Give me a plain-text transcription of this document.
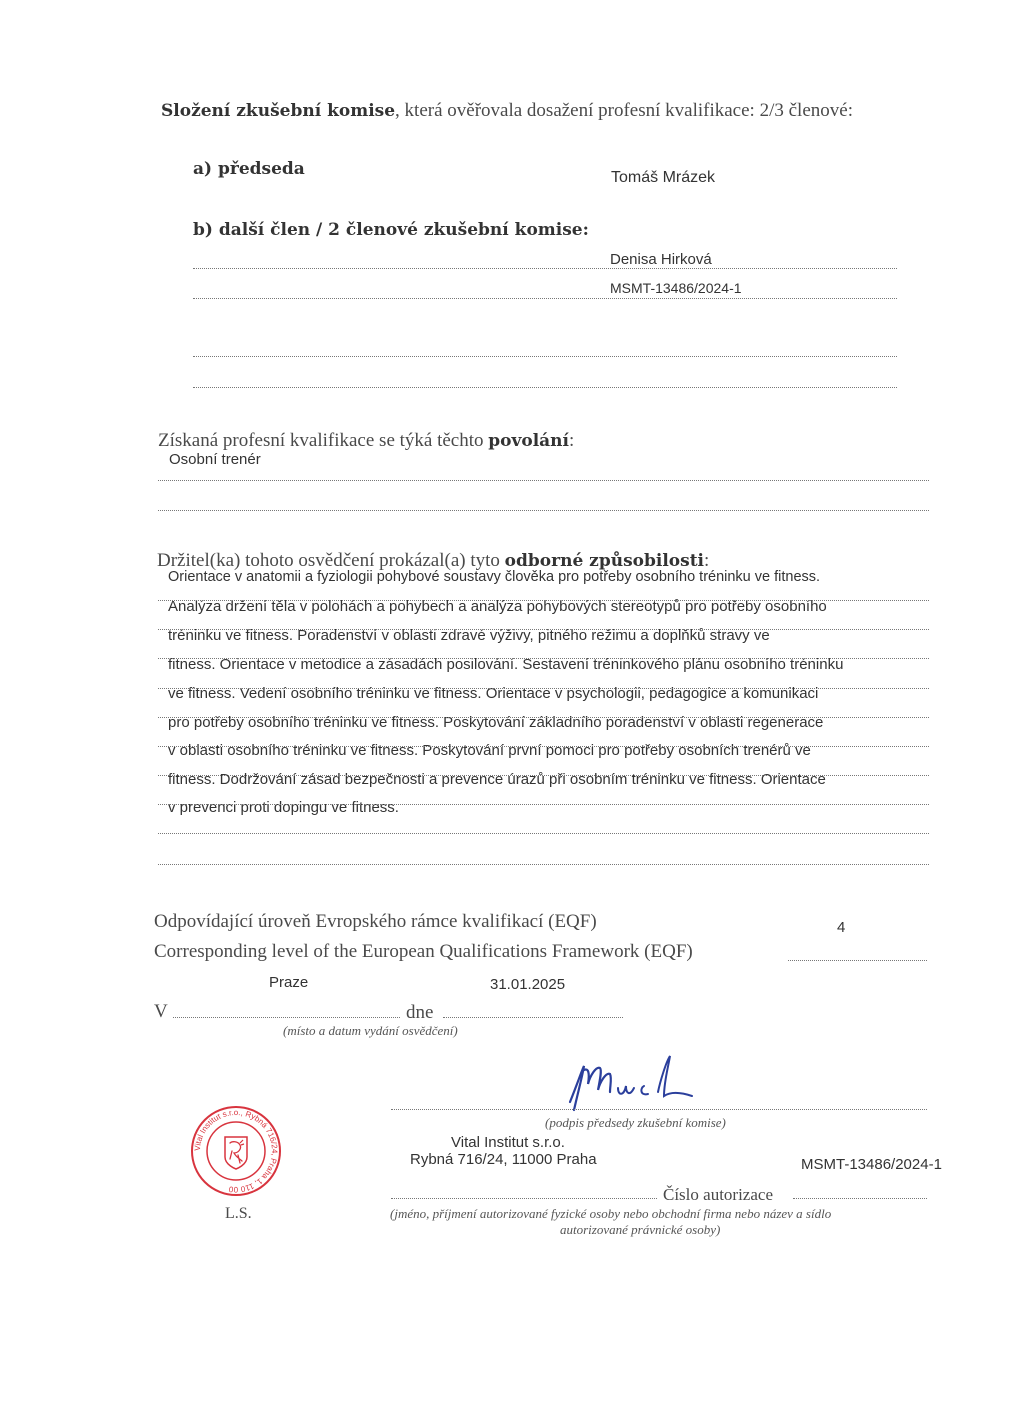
Složení zkušební komise, která ověřovala dosažení profesní kvalifikace: 2/3 členové:
a) předseda	Tomáš Mrázek
b) další člen / 2 členové zkušební komise:
Denisa Hirková
MSMT-13486/2024-1
Získaná profesní kvalifikace se týká těchto povolání:
Osobní trenér
Držitel(ka) tohoto osvědčení prokázal(a) tyto odborné způsobilosti:
Orientace v anatomii a fyziologii pohybové soustavy člověka pro potřeby osobního tréninku ve fitness.
Analýza držení těla v polohách a pohybech a analýza pohybových stereotypů pro potřeby osobního
tréninku ve fitness. Poradenství v oblasti zdravé výživy, pitného režimu a doplňků stravy ve
fitness. Orientace v metodice a zásadách posilování. Sestavení tréninkového plánu osobního tréninku
ve fitness. Vedení osobního tréninku ve fitness. Orientace v psychologii, pedagogice a komunikaci
pro potřeby osobního tréninku ve fitness. Poskytování základního poradenství v oblasti regenerace
v oblasti osobního tréninku ve fitness. Poskytování první pomoci pro potřeby osobních trenérů ve
fitness. Dodržování zásad bezpečnosti a prevence úrazů při osobním tréninku ve fitness. Orientace
v prevenci proti dopingu ve fitness.
Odpovídající úroveň Evropského rámce kvalifikací (EQF)	4
Corresponding level of the European Qualifications Framework (EQF)
Praze	31.01.2025
V	dne
(místo a datum vydání osvědčení)
(podpis předsedy zkušební komise)
Vital Institut s.r.o., Rybná 716/24, Praha 1, 110 00
L.S.
Vital Institut s.r.o.
Rybná 716/24, 11000 Praha	MSMT-13486/2024-1
Číslo autorizace
(jméno, příjmení autorizované fyzické osoby nebo obchodní firma nebo název a sídlo
autorizované právnické osoby)
